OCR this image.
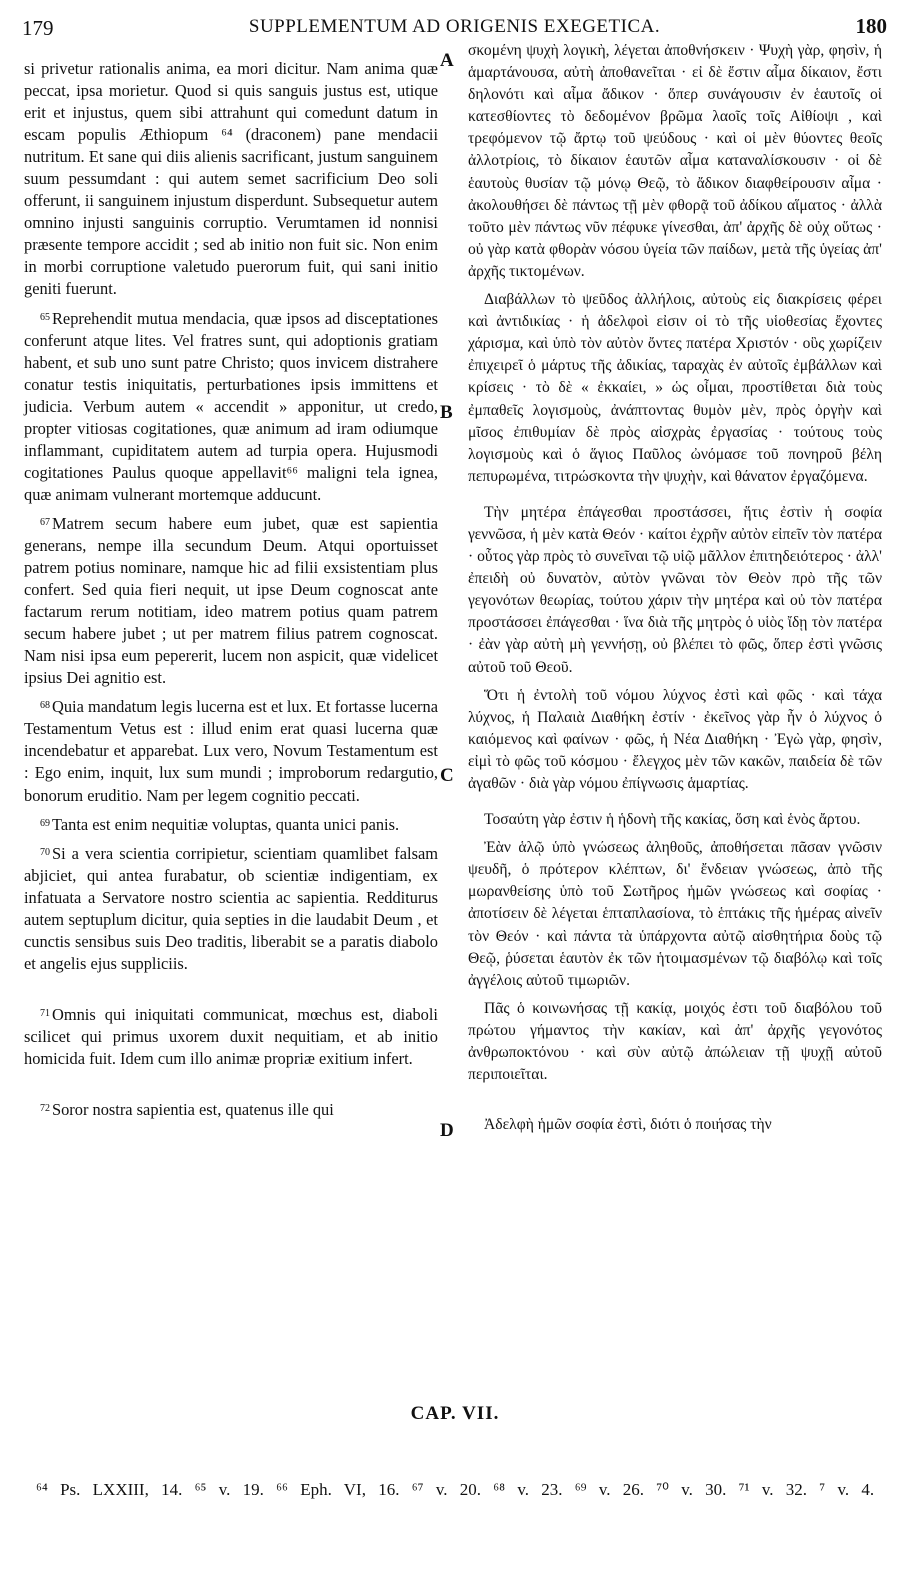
179	SUPPLEMENTUM AD ORIGENIS EXEGETICA.	180

si privetur rationalis anima, ea mori dicitur. Nam anima quæ peccat, ipsa morietur. Quod si quis sanguis justus est, utique erit et injustus, quem sibi attrahunt qui comedunt datum in escam populis Æthiopum ⁶⁴ (draconem) pane mendacii nutritum. Et sane qui diis alienis sacrificant, justum sanguinem suum pessumdant : qui autem semet sacrificium Deo soli offerunt, ii sanguinem injustum disperdunt. Subsequetur autem omnino injusti sanguinis corruptio. Verumtamen id nonnisi præsente tempore accidit ; sed ab initio non fuit sic. Non enim in morbi corruptione valetudo puerorum fuit, qui sani initio geniti fuerunt.

$^{65}$ Reprehendit mutua mendacia, quæ ipsos ad disceptationes conferunt atque lites. Vel fratres sunt, qui adoptionis gratiam habent, et sub uno sunt patre Christo; quos invicem distrahere conatur testis iniquitatis, perturbationes ipsis immittens et judicia. Verbum autem « accendit » apponitur, ut credo, propter vitiosas cogitationes, quæ animum ad iram odiumque inflammant, cupiditatem autem ad turpia opera. Hujusmodi cogitationes Paulus quoque appellavit⁶⁶ maligni tela ignea, quæ animam vulnerant mortemque adducunt.

$^{67}$ Matrem secum habere eum jubet, quæ est sapientia generans, nempe illa secundum Deum. Atqui oportuisset patrem potius nominare, namque hic ad filii exsistentiam plus confert. Sed quia fieri nequit, ut ipse Deum cognoscat ante factarum rerum notitiam, ideo matrem potius quam patrem secum habere jubet ; ut per matrem filius patrem cognoscat. Nam nisi ipsa eum pepererit, lucem non aspicit, quæ videlicet ipsius Dei agnitio est.

$^{68}$ Quia mandatum legis lucerna est et lux. Et fortasse lucerna Testamentum Vetus est : illud enim erat quasi lucerna quæ incendebatur et apparebat. Lux vero, Novum Testamentum est : Ego enim, inquit, lux sum mundi ; improborum redargutio, bonorum eruditio. Nam per legem cognitio peccati.

$^{69}$ Tanta est enim nequitiæ voluptas, quanta unici panis.

$^{70}$ Si a vera scientia corripietur, scientiam quamlibet falsam abjiciet, qui antea furabatur, ob scientiæ indigentiam, ex infatuata a Servatore nostro scientia ac sapientia. Redditurus autem septuplum dicitur, quia septies in die laudabit Deum , et cunctis sensibus suis Deo traditis, liberabit se a paratis diabolo et angelis ejus suppliciis.

$^{71}$ Omnis qui iniquitati communicat, mœchus est, diaboli scilicet qui primus uxorem duxit nequitiam, et ab initio homicida fuit. Idem cum illo animæ propriæ exitium infert.

$^{72}$ Soror nostra sapientia est, quatenus ille qui

A
B
C
D

σκομένη ψυχὴ λογικὴ, λέγεται ἀποθνήσκειν · Ψυχὴ γὰρ, φησὶν, ἡ ἁμαρτάνουσα, αὐτὴ ἀποθανεῖται · εἰ δὲ ἔστιν αἷμα δίκαιον, ἔστι δηλονότι καὶ αἷμα ἄδικον · ὅπερ συνάγουσιν ἐν ἑαυτοῖς οἱ κατεσθίοντες τὸ δεδομένον βρῶμα λαοῖς τοῖς Αἰθίοψι , καὶ τρεφόμενον τῷ ἄρτῳ τοῦ ψεύδους · καὶ οἱ μὲν θύοντες θεοῖς ἀλλοτρίοις, τὸ δίκαιον ἑαυτῶν αἷμα καταναλίσκουσιν · οἱ δὲ ἑαυτοὺς θυσίαν τῷ μόνῳ Θεῷ, τὸ ἄδικον διαφθείρουσιν αἷμα · ἀκολουθήσει δὲ πάντως τῇ μὲν φθορᾷ τοῦ ἀδίκου αἵματος · ἀλλὰ τοῦτο μὲν πάντως νῦν πέφυκε γίνεσθαι, ἀπ' ἀρχῆς δὲ οὐχ οὕτως · οὐ γὰρ κατὰ φθορὰν νόσου ὑγεία τῶν παίδων, μετὰ τῆς ὑγείας ἀπ' ἀρχῆς τικτομένων.

Διαβάλλων τὸ ψεῦδος ἀλλήλοις, αὐτοὺς εἰς διακρίσεις φέρει καὶ ἀντιδικίας · ἡ ἀδελφοὶ εἰσιν οἱ τὸ τῆς υἱοθεσίας ἔχοντες χάρισμα, καὶ ὑπὸ τὸν αὐτὸν ὄντες πατέρα Χριστόν · οὓς χωρίζειν ἐπιχειρεῖ ὁ μάρτυς τῆς ἀδικίας, ταραχὰς ἐν αὐτοῖς ἐμβάλλων καὶ κρίσεις · τὸ δὲ « ἐκκαίει, » ὡς οἶμαι, προστίθεται διὰ τοὺς ἐμπαθεῖς λογισμοὺς, ἀνάπτοντας θυμὸν μὲν, πρὸς ὀργὴν καὶ μῖσος ἐπιθυμίαν δὲ πρὸς αἰσχρὰς ἐργασίας · τούτους τοὺς λογισμοὺς καὶ ὁ ἅγιος Παῦλος ὠνόμασε τοῦ πονηροῦ βέλη πεπυρωμένα, τιτρώσκοντα τὴν ψυχὴν, καὶ θάνατον ἐργαζόμενα.

Τὴν μητέρα ἐπάγεσθαι προστάσσει, ἥτις ἐστὶν ἡ σοφία γεννῶσα, ἡ μὲν κατὰ Θεόν · καίτοι ἐχρῆν αὐτὸν εἰπεῖν τὸν πατέρα · οὗτος γὰρ πρὸς τὸ συνεῖναι τῷ υἱῷ μᾶλλον ἐπιτηδειότερος · ἀλλ' ἐπειδὴ οὐ δυνατὸν, αὐτὸν γνῶναι τὸν Θεὸν πρὸ τῆς τῶν γεγονότων θεωρίας, τούτου χάριν τὴν μητέρα καὶ οὐ τὸν πατέρα προστάσσει ἐπάγεσθαι · ἵνα διὰ τῆς μητρὸς ὁ υἱὸς ἴδῃ τὸν πατέρα · ἐὰν γὰρ αὐτὴ μὴ γεννήσῃ, οὐ βλέπει τὸ φῶς, ὅπερ ἐστὶ γνῶσις αὐτοῦ τοῦ Θεοῦ.

Ὅτι ἡ ἐντολὴ τοῦ νόμου λύχνος ἐστὶ καὶ φῶς · καὶ τάχα λύχνος, ἡ Παλαιὰ Διαθήκη ἐστίν · ἐκεῖνος γὰρ ἦν ὁ λύχνος ὁ καιόμενος καὶ φαίνων · φῶς, ἡ Νέα Διαθήκη · Ἐγὼ γὰρ, φησὶν, εἰμὶ τὸ φῶς τοῦ κόσμου · ἔλεγχος μὲν τῶν κακῶν, παιδεία δὲ τῶν ἀγαθῶν · διὰ γὰρ νόμου ἐπίγνωσις ἁμαρτίας.

Τοσαύτη γὰρ ἐστιν ἡ ἡδονὴ τῆς κακίας, ὅση καὶ ἑνὸς ἄρτου.

Ἐὰν ἁλῷ ὑπὸ γνώσεως ἀληθοῦς, ἀποθήσεται πᾶσαν γνῶσιν ψευδῆ, ὁ πρότερον κλέπτων, δι' ἔνδειαν γνώσεως, ἀπὸ τῆς μωρανθείσης ὑπὸ τοῦ Σωτῆρος ἡμῶν γνώσεως καὶ σοφίας · ἀποτίσειν δὲ λέγεται ἑπταπλασίονα, τὸ ἑπτάκις τῆς ἡμέρας αἰνεῖν τὸν Θεόν · καὶ πάντα τὰ ὑπάρχοντα αὐτῷ αἰσθητήρια δοὺς τῷ Θεῷ, ῥύσεται ἑαυτὸν ἐκ τῶν ἡτοιμασμένων τῷ διαβόλῳ καὶ τοῖς ἀγγέλοις αὐτοῦ τιμωριῶν.

Πᾶς ὁ κοινωνήσας τῇ κακίᾳ, μοιχός ἐστι τοῦ διαβόλου τοῦ πρώτου γήμαντος τὴν κακίαν, καὶ ἀπ' ἀρχῆς γεγονότος ἀνθρωποκτόνου · καὶ σὺν αὐτῷ ἀπώλειαν τῇ ψυχῇ αὐτοῦ περιποιεῖται.

Ἀδελφὴ ἡμῶν σοφία ἐστὶ, διότι ὁ ποιήσας τὴν

CAP. VII.
⁶⁴ Ps. LXXIII, 14. ⁶⁵ v. 19. ⁶⁶ Eph. VI, 16. ⁶⁷ v. 20. ⁶⁸ v. 23. ⁶⁹ v. 26. ⁷⁰ v. 30. ⁷¹ v. 32. ⁷ v. 4.
